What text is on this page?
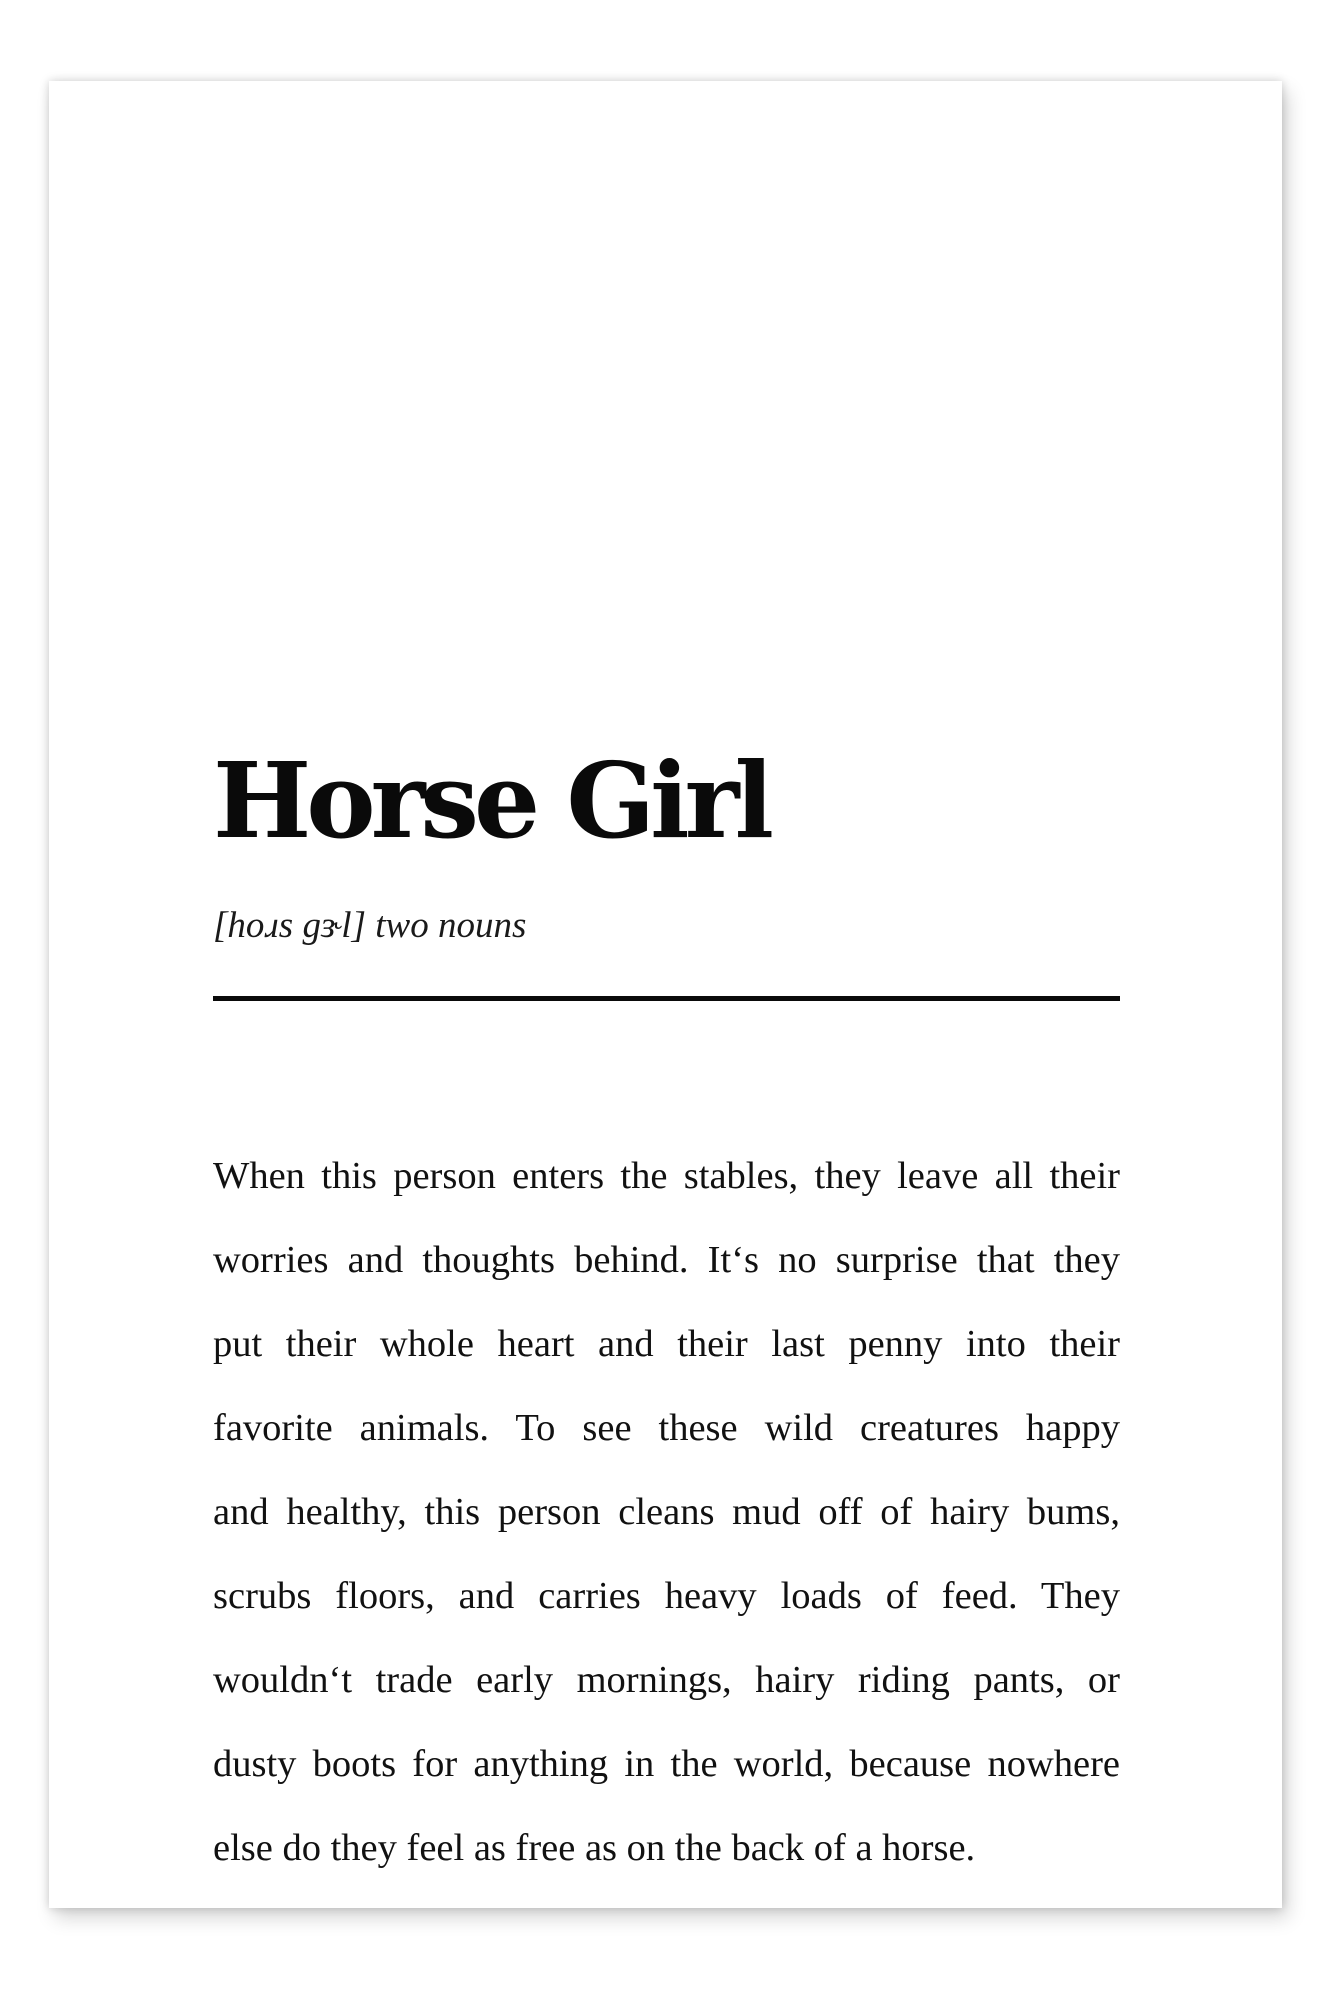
Horse Girl
[hoɹs gɝl] two nouns
When this person enters the stables, they leave all their
worries and thoughts behind. It‘s no surprise that they
put their whole heart and their last penny into their
favorite animals. To see these wild creatures happy
and healthy, this person cleans mud off of hairy bums,
scrubs floors, and carries heavy loads of feed. They
wouldn‘t trade early mornings, hairy riding pants, or
dusty boots for anything in the world, because nowhere
else do they feel as free as on the back of a horse.
